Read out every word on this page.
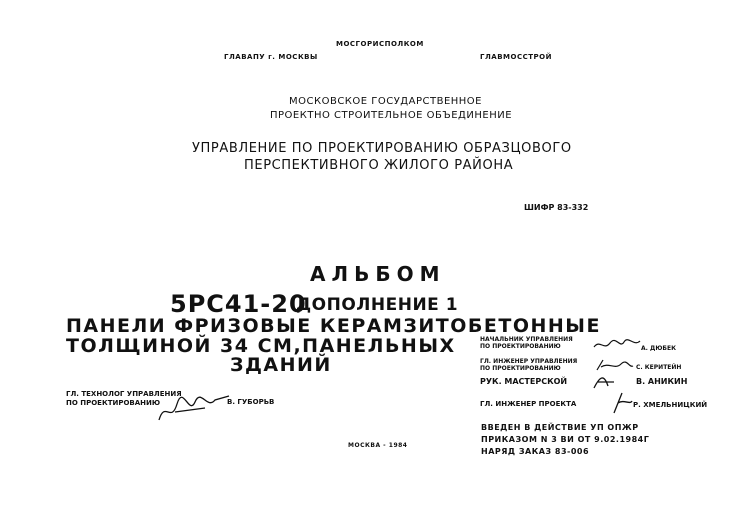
МОСГОРИСПОЛКОМ
ГЛАВАПУ г. МОСКВЫ	ГЛАВМОССТРОЙ
МОСКОВСКОЕ ГОСУДАРСТВЕННОЕ
ПРОЕКТНО СТРОИТЕЛЬНОЕ ОБЪЕДИНЕНИЕ
УПРАВЛЕНИЕ ПО ПРОЕКТИРОВАНИЮ ОБРАЗЦОВОГО
ПЕРСПЕКТИВНОГО ЖИЛОГО РАЙОНА
ШИФР 83-332
АЛЬБОМ
5РС41-20
ДОПОЛНЕНИЕ 1
ПАНЕЛИ ФРИЗОВЫЕ КЕРАМЗИТОБЕТОННЫЕ
ТОЛЩИНОЙ 34 СМ,ПАНЕЛЬНЫХ
ЗДАНИЙ
НАЧАЛЬНИК УПРАВЛЕНИЯ
ПО ПРОЕКТИРОВАНИЮ	А. ДЮБЕК
ГЛ. ИНЖЕНЕР УПРАВЛЕНИЯ
ПО ПРОЕКТИРОВАНИЮ	С. КЕРИТЕЙН
РУК. МАСТЕРСКОЙ	В. АНИКИН
ГЛ. ИНЖЕНЕР ПРОЕКТА	Р. ХМЕЛЬНИЦКИЙ
ГЛ. ТЕХНОЛОГ УПРАВЛЕНИЯ
ПО ПРОЕКТИРОВАНИЮ	В. ГУБОРЬВ
МОСКВА - 1984
ВВЕДЕН В ДЕЙСТВИЕ УП ОПЖР
ПРИКАЗОМ N 3 ВИ ОТ 9.02.1984Г
НАРЯД ЗАКАЗ 83-006
